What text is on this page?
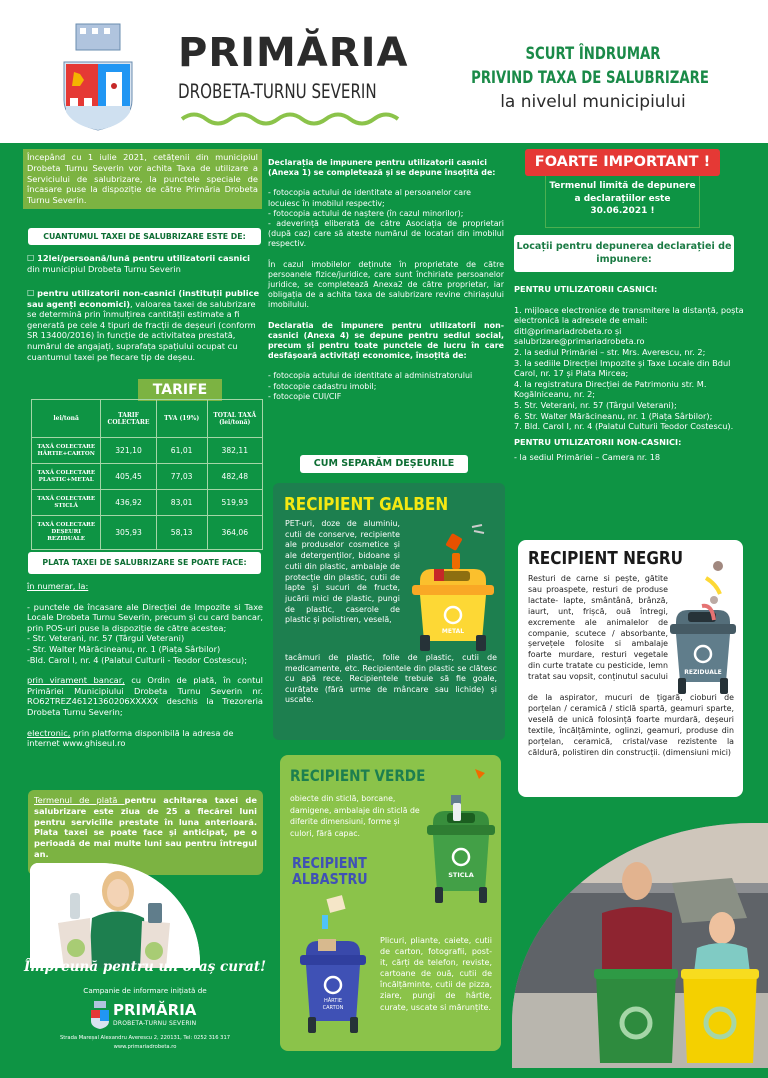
PRIMĂRIA
DROBETA-TURNU SEVERIN
SCURT ÎNDRUMAR
PRIVIND TAXA DE SALUBRIZARE
la nivelul municipiului
Începând cu 1 iulie 2021, cetățenii din municipiul Drobeta Turnu Severin vor achita Taxa de utilizare a Serviciului de salubrizare, la punctele speciale de încasare puse la dispoziție de către Primăria Drobeta Turnu Severin.
CUANTUMUL TAXEI DE SALUBRIZARE ESTE DE:
☐ 12lei/persoană/lună pentru utilizatorii casnici
din municipiul Drobeta Turnu Severin
☐ pentru utilizatorii non-casnici (instituții publice sau agenți economici), valoarea taxei de salubrizare se determină prin înmulțirea cantității estimate a fi generată pe cele 4 tipuri de fracții de deșeuri (conform SR 13400/2016) în funcție de activitatea prestată, numărul de angajați, suprafața spațiului ocupat cu cuantumul taxei pe fiecare tip de deșeu.
TARIFE
lei/tonă	TARIF COLECTARE	TVA (19%)	TOTAL TAXĂ (lei/tonă)
TAXĂ COLECTARE HÂRTIE+CARTON	321,10	61,01	382,11
TAXĂ COLECTARE PLASTIC+METAL	405,45	77,03	482,48
TAXĂ COLECTARE STICLĂ	436,92	83,01	519,93
TAXĂ COLECTARE DEȘEURI REZIDUALE	305,93	58,13	364,06
PLATA TAXEI DE SALUBRIZARE SE POATE FACE:
în numerar, la:
- punctele de încasare ale Direcției de Impozite si Taxe Locale Drobeta Turnu Severin, precum și cu card bancar, prin POS-uri puse la dispoziție de către acestea;
- Str. Veterani, nr. 57 (Târgul Veterani)
- Str. Walter Mărăcineanu, nr. 1 (Piața Sârbilor)
-Bld. Carol I, nr. 4 (Palatul Culturii - Teodor Costescu);
prin virament bancar, cu Ordin de plată, în contul Primăriei Municipiului Drobeta Turnu Severin nr. RO62TREZ46121360206XXXXX deschis la Trezoreria Drobeta Turnu Severin;
electronic, prin platforma disponibilă la adresa de internet www.ghiseul.ro
Termenul de plată pentru achitarea taxei de salubrizare este ziua de 25 a fiecărei luni pentru serviciile prestate în luna anterioară. Plata taxei se poate face și anticipat, pe o perioadă de mai multe luni sau pentru întregul an.
Împreună pentru un oraș curat!
Campanie de informare inițiată de
PRIMĂRIA
DROBETA-TURNU SEVERIN
Strada Mareșal Alexandru Averescu 2, 220131, Tel: 0252 316 317
www.primariadrobeta.ro
Declarația de impunere pentru utilizatorii casnici (Anexa 1) se completează și se depune însoțită de:
- fotocopia actului de identitate al persoanelor care locuiesc în imobilul respectiv;
- fotocopia actului de naștere (în cazul minorilor);
- adeverință eliberată de către Asociația de proprietari (după caz) care să ateste numărul de locatari din imobilul respectiv.
În cazul imobilelor deținute în proprietate de către persoanele fizice/juridice, care sunt închiriate persoanelor juridice, se completează Anexa2 de către proprietar, iar obligația de a achita taxa de salubrizare revine chiriașului imobilului.
Declaratia de impunere pentru utilizatorii non-casnici (Anexa 4) se depune pentru sediul social, precum și pentru toate punctele de lucru în care desfășoară activități economice, însoțită de:
- fotocopia actului de identitate al administratorului
- fotocopie cadastru imobil;
- fotocopie CUI/CIF
CUM SEPARĂM DEȘEURILE
RECIPIENT GALBEN
PET-uri, doze de aluminiu, cutii de conserve, recipiente ale produselor cosmetice și ale detergenților, bidoane și cutii din plastic, ambalaje de protecție din plastic, cutii de lapte și sucuri de fructe, jucării mici de plastic, pungi de plastic, caserole de plastic și polistiren, veselă,
METAL
tacâmuri de plastic, folie de plastic, cutii de medicamente, etc. Recipientele din plastic se clătesc cu apă rece. Recipientele trebuie să fie goale, curățate (fără urme de mâncare sau lichide) și uscate.
RECIPIENT VERDE
obiecte din sticlă, borcane, damigene, ambalaje din sticlă de diferite dimensiuni, forme și culori, fără capac.
STICLA
RECIPIENT
ALBASTRU
HÂRTIE
CARTON
Plicuri, pliante, caiete, cutii de carton, fotografii, post-it, cărți de telefon, reviste, cartoane de ouă, cutii de încălțăminte, cutii de pizza, ziare, pungi de hârtie, curate, uscate si mărunțite.
FOARTE IMPORTANT !
Termenul limită de depunere a declarațiilor este 30.06.2021 !
Locații pentru depunerea declarației de impunere:
PENTRU UTILIZATORII CASNICI:
1. mijloace electronice de transmitere la distanță, poșta electronică la adresele de email: ditl@primariadrobeta.ro și salubrizare@primariadrobeta.ro
2. la sediul Primăriei – str. Mrs. Averescu, nr. 2;
3. la sediile Direcției Impozite și Taxe Locale din Bdul Carol, nr. 17 și Piata Mircea;
4. la registratura Direcției de Patrimoniu str. M. Kogălniceanu, nr. 2;
5. Str. Veterani, nr. 57 (Târgul Veterani);
6. Str. Walter Mărăcineanu, nr. 1 (Piața Sârbilor);
7. Bld. Carol I, nr. 4 (Palatul Culturii Teodor Costescu).
PENTRU UTILIZATORII NON-CASNICI:
- la sediul Primăriei – Camera nr. 18
RECIPIENT NEGRU
Resturi de carne si pește, gătite sau proaspete, resturi de produse lactate- lapte, smântână, brânză, iaurt, unt, frișcă, ouă întregi, excremente ale animalelor de companie, scutece / absorbante, șervețele folosite si ambalaje foarte murdare, resturi vegetale din curte tratate cu pesticide, lemn tratat sau vopsit, conținutul sacului	REZIDUALE
de la aspirator, mucuri de țigară, cioburi de porțelan / ceramică / sticlă spartă, geamuri sparte, veselă de unică folosință foarte murdară, deșeuri textile, încălțăminte, oglinzi, geamuri, produse din porțelan, ceramică, cristal/vase rezistente la căldură, polistiren din construcții. (dimensiuni mici)
